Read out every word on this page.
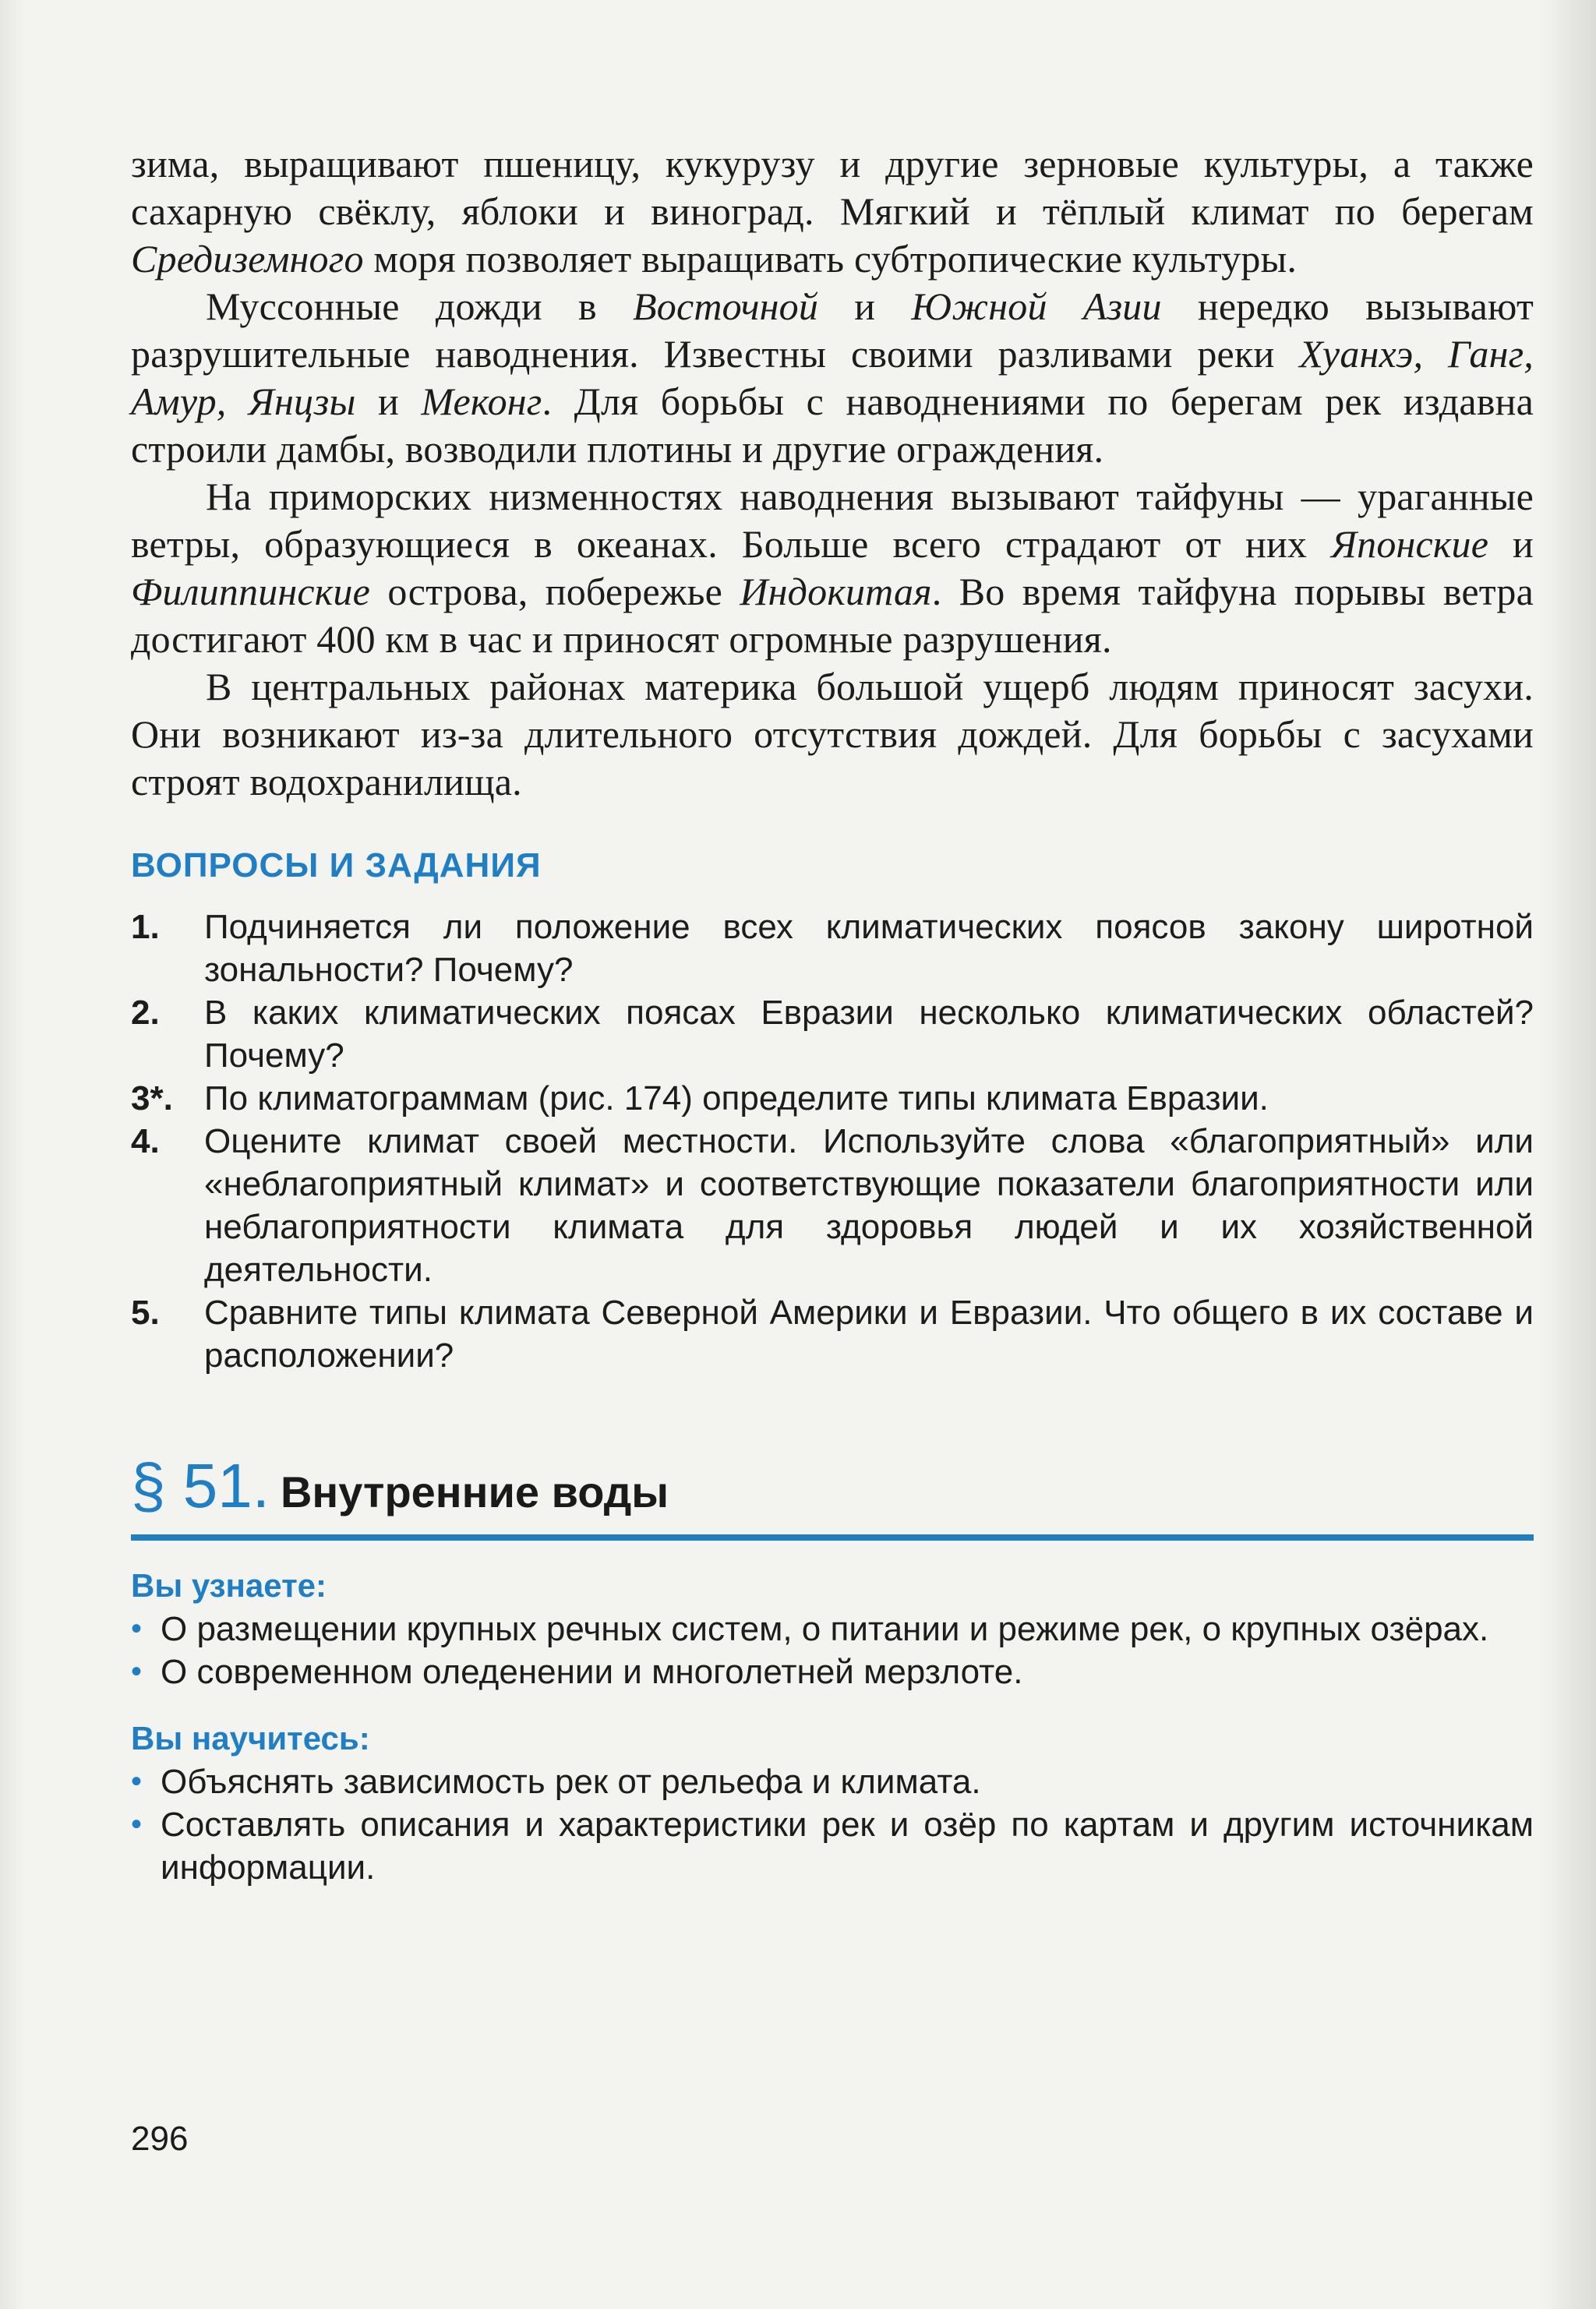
зима, выращивают пшеницу, кукурузу и другие зерновые культуры, а также сахарную свёклу, яблоки и виноград. Мягкий и тёплый климат по берегам Средиземного моря позволяет выращивать субтропические культуры.

Муссонные дожди в Восточной и Южной Азии нередко вызывают разрушительные наводнения. Известны своими разливами реки Хуанхэ, Ганг, Амур, Янцзы и Меконг. Для борьбы с наводнениями по берегам рек издавна строили дамбы, возводили плотины и другие ограждения.

На приморских низменностях наводнения вызывают тайфуны — ураганные ветры, образующиеся в океанах. Больше всего страдают от них Японские и Филиппинские острова, побережье Индокитая. Во время тайфуна порывы ветра достигают 400 км в час и приносят огромные разрушения.

В центральных районах материка большой ущерб людям приносят засухи. Они возникают из-за длительного отсутствия дождей. Для борьбы с засухами строят водохранилища.

ВОПРОСЫ И ЗАДАНИЯ
1.	Подчиняется ли положение всех климатических поясов закону широтной зональности? Почему?
2.	В каких климатических поясах Евразии несколько климатических областей? Почему?
3*. По климатограммам (рис. 174) определите типы климата Евразии.
4.	Оцените климат своей местности. Используйте слова «благоприятный» или «неблагоприятный климат» и соответствующие показатели благоприятности или неблагоприятности климата для здоровья людей и их хозяйственной деятельности.
5.	Сравните типы климата Северной Америки и Евразии. Что общего в их составе и расположении?
§ 51. Внутренние воды
Вы узнаете:
• О размещении крупных речных систем, о питании и режиме рек, о крупных озёрах.
• О современном оледенении и многолетней мерзлоте.
Вы научитесь:
• Объяснять зависимость рек от рельефа и климата.
• Составлять описания и характеристики рек и озёр по картам и другим источникам информации.
296
